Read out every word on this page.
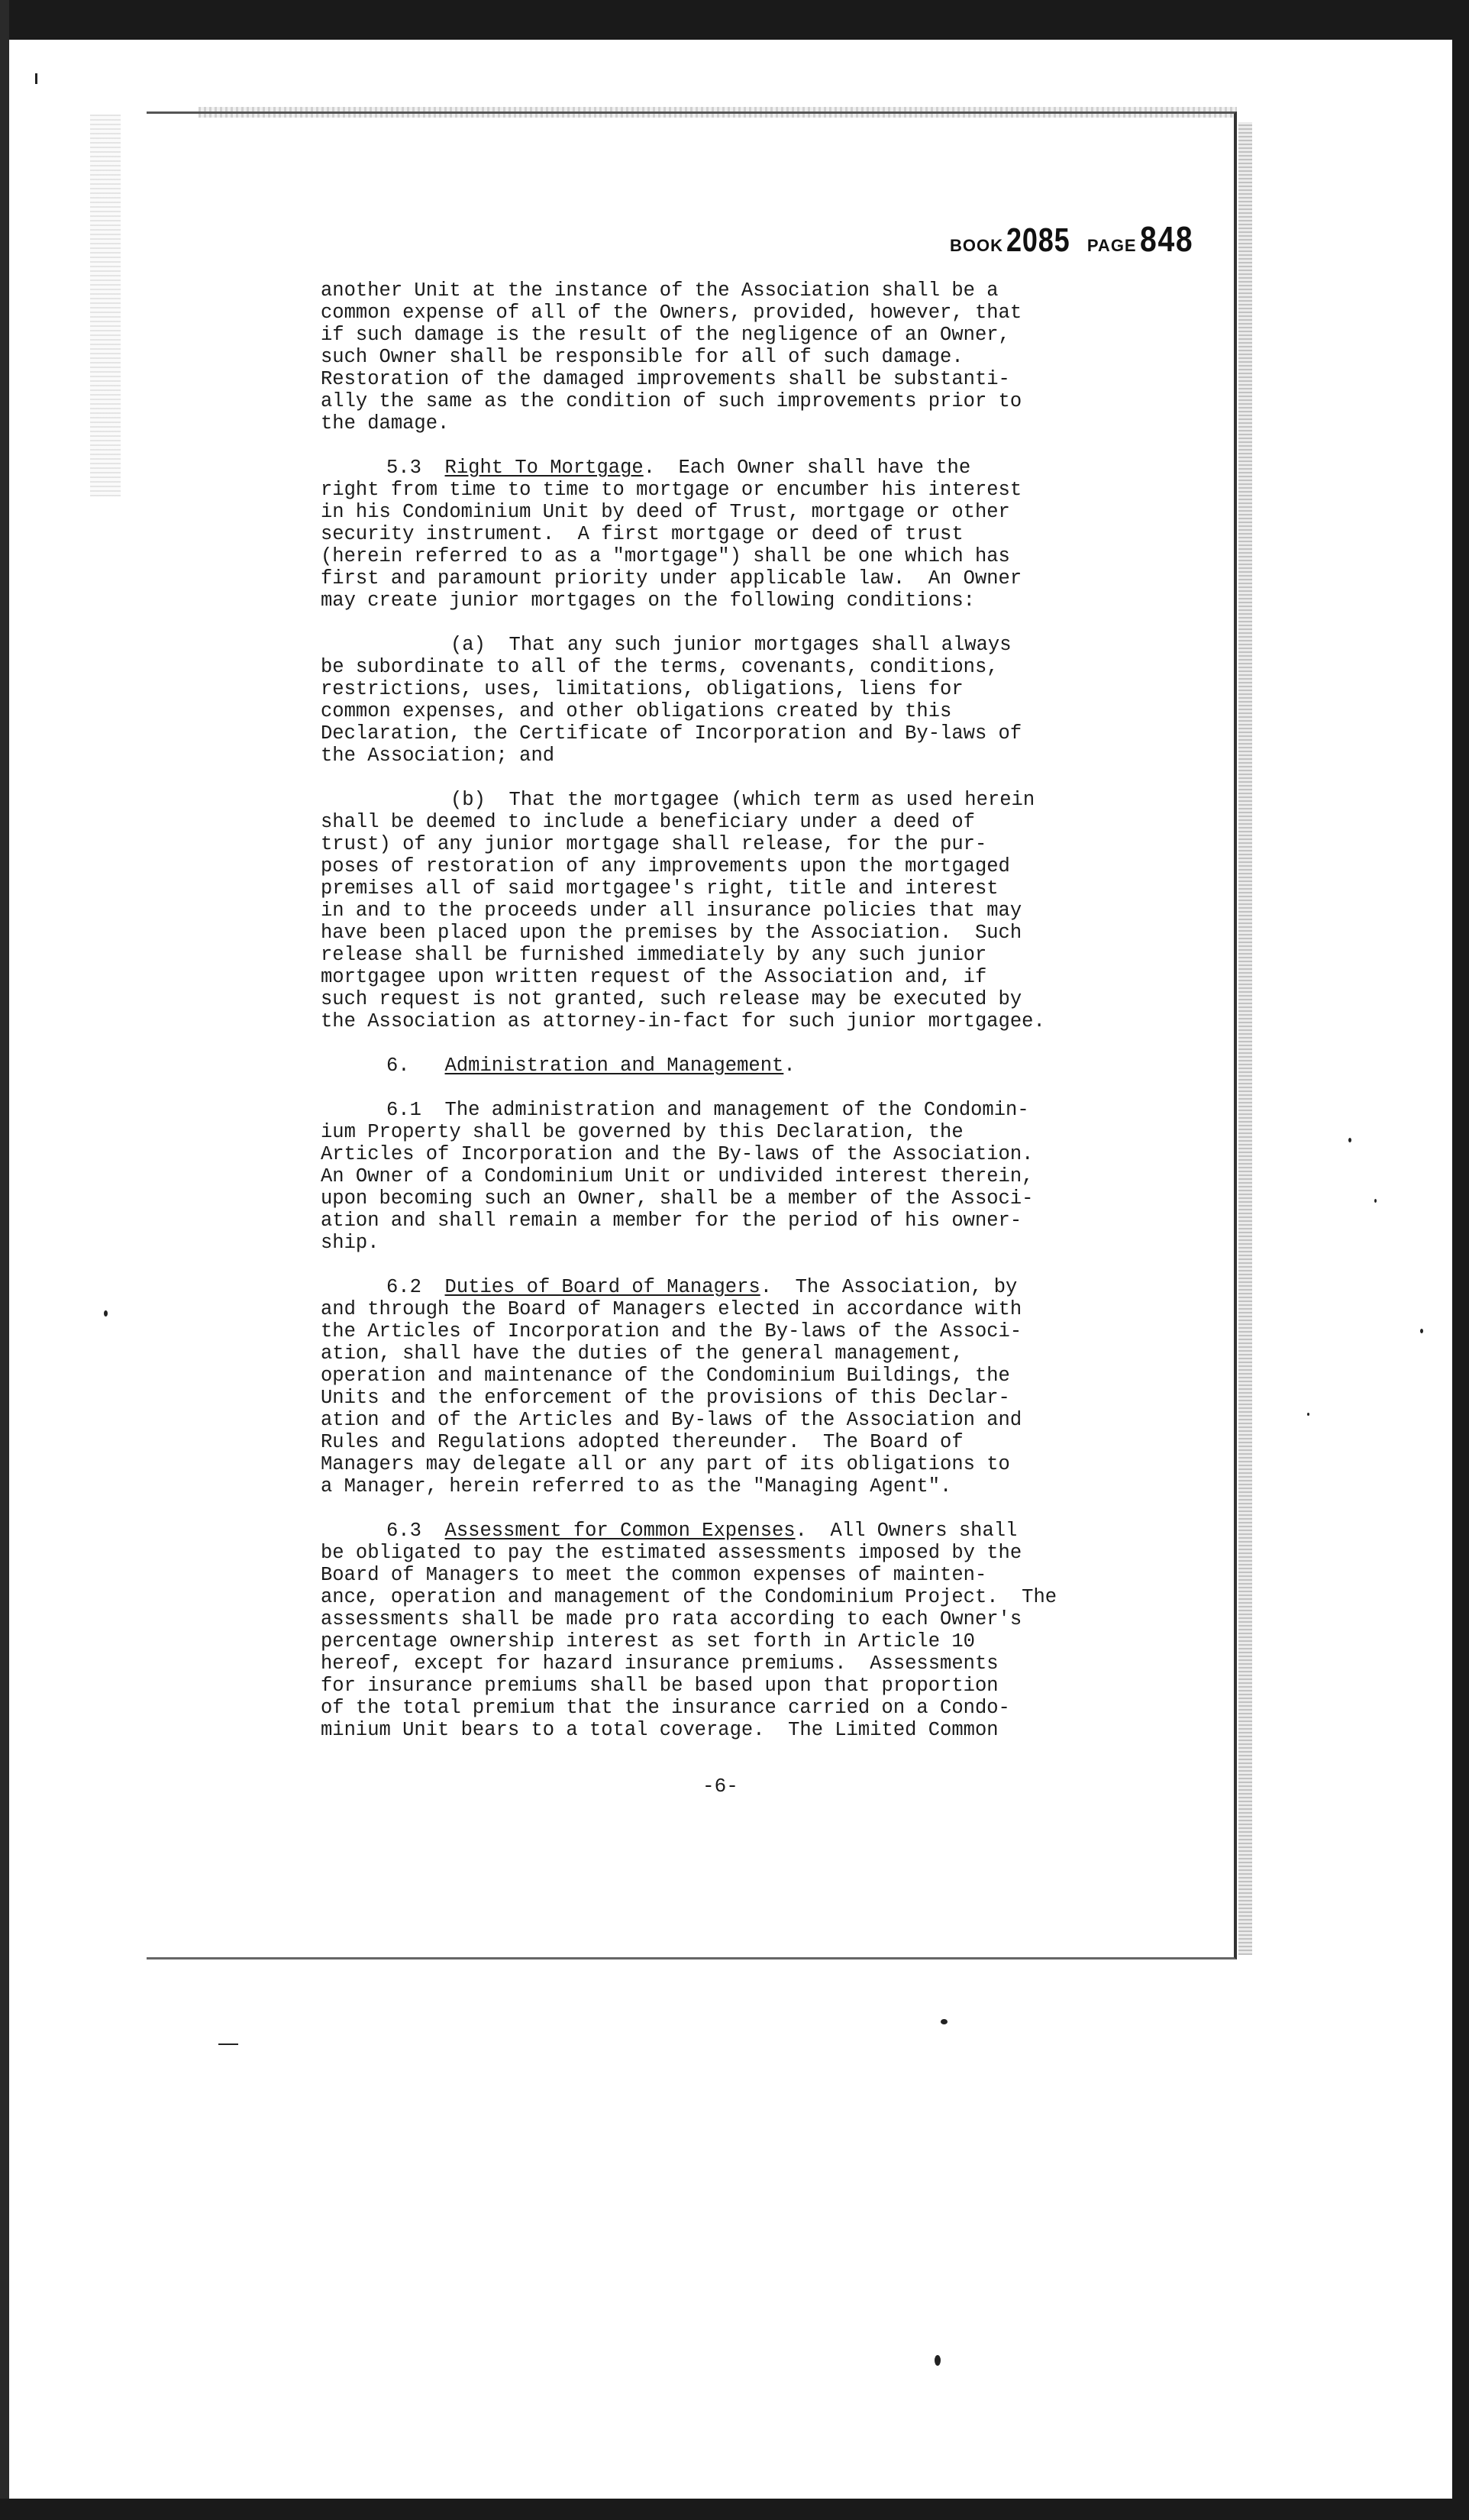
BOOK 2085 PAGE 848
another Unit at the instance of the Association shall be a
common expense of all of the Owners, provided, however, that
if such damage is the result of the negligence of an Owner,
such Owner shall be responsible for all of such damage.
Restoration of the damaged improvements shall be substanti-
ally the same as the condition of such improvements prior to
the damage.
5.3 Right To Mortgage.  Each Owner shall have the
right from time to time to mortgage or encumber his interest
in his Condominium Unit by deed of Trust, mortgage or other
security instrument.  A first mortgage or deed of trust
(herein referred to as a "mortgage") shall be one which has
first and paramount priority under applicable law.  An Owner
may create junior mortgages on the following conditions:
(a)  That any such junior mortgages shall always
be subordinate to all of the terms, covenants, conditions,
restrictions, uses, limitations, obligations, liens for
common expenses, and other obligations created by this
Declaration, the Certificate of Incorporation and By-laws of
the Association; and
(b)  That the mortgagee (which term as used herein
shall be deemed to include a beneficiary under a deed of
trust) of any junior mortgage shall release, for the pur-
poses of restoration of any improvements upon the mortgaged
premises all of said mortgagee's right, title and interest
in and to the proceeds under all insurance policies that may
have been placed upon the premises by the Association.  Such
release shall be furnished immediately by any such junior
mortgagee upon written request of the Association and, if
such request is not granted, such release may be executed by
the Association as attorney-in-fact for such junior mortgagee.
6. Administration and Management.
6.1  The administration and management of the Condomin-
ium Property shall be governed by this Declaration, the
Articles of Incorporation and the By-laws of the Association.
An Owner of a Condominium Unit or undivided interest therein,
upon becoming such an Owner, shall be a member of the Associ-
ation and shall remain a member for the period of his owner-
ship.
6.2 Duties of Board of Managers.  The Association, by
and through the Board of Managers elected in accordance with
the Articles of Incorporation and the By-laws of the Associ-
ation, shall have the duties of the general management,
operation and maintenance of the Condominium Buildings, the
Units and the enforcement of the provisions of this Declar-
ation and of the Articles and By-laws of the Association and
Rules and Regulations adopted thereunder.  The Board of
Managers may delegate all or any part of its obligations to
a Manager, herein referred to as the "Managing Agent".
6.3 Assessment for Common Expenses.  All Owners shall
be obligated to pay the estimated assessments imposed by the
Board of Managers to meet the common expenses of mainten-
ance, operation and management of the Condominium Project.  The
assessments shall be made pro rata according to each Owner's
percentage ownership interest as set forth in Article 10
hereof, except for hazard insurance premiums.  Assessments
for insurance premiums shall be based upon that proportion
of the total premium that the insurance carried on a Condo-
minium Unit bears to a total coverage.  The Limited Common
-6-
